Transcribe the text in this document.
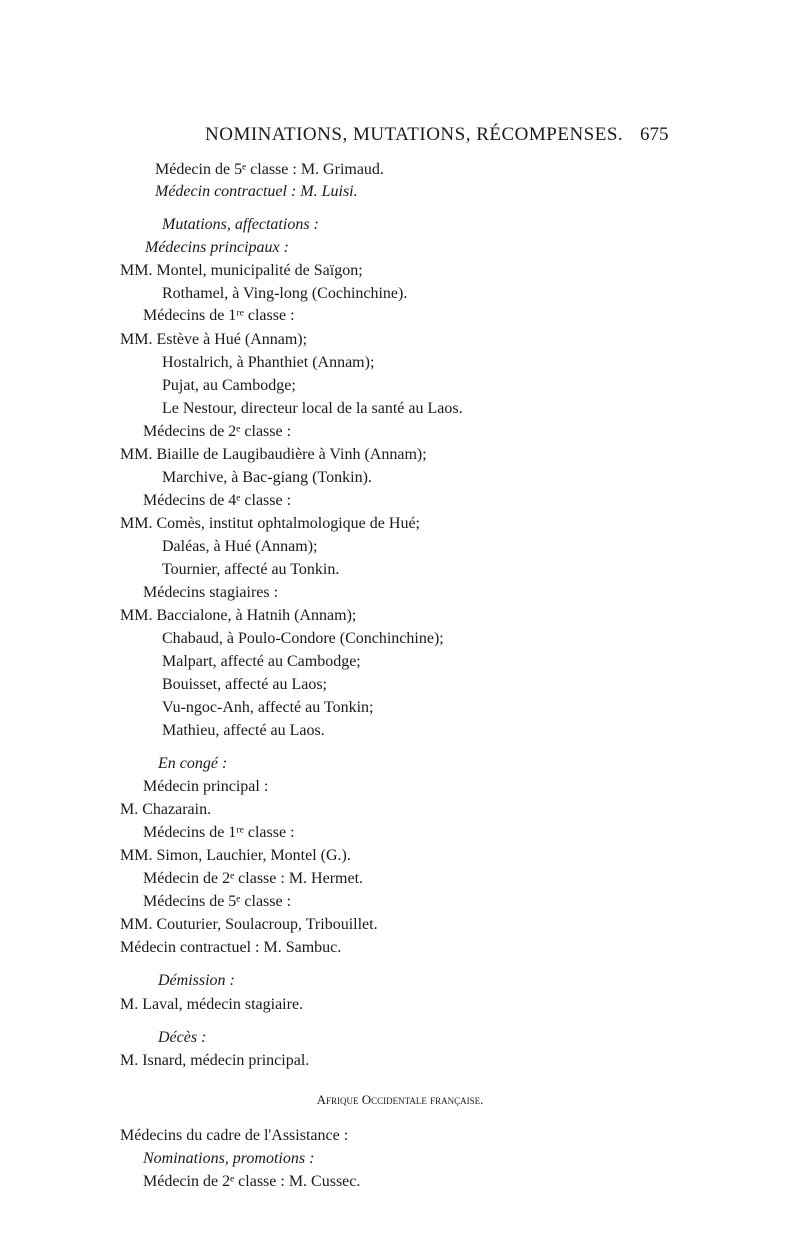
NOMINATIONS, MUTATIONS, RÉCOMPENSES. 675
Médecin de 5ᵉ classe : M. Grimaud.
Médecin contractuel : M. Luisi.
Mutations, affectations :
Médecins principaux :
MM. Montel, municipalité de Saïgon;
Rothamel, à Ving-long (Cochinchine).
Médecins de 1ʳᵉ classe :
MM. Estève à Hué (Annam);
Hostalrich, à Phanthiet (Annam);
Pujat, au Cambodge;
Le Nestour, directeur local de la santé au Laos.
Médecins de 2ᵉ classe :
MM. Biaille de Laugibaudière à Vinh (Annam);
Marchive, à Bac-giang (Tonkin).
Médecins de 4ᵉ classe :
MM. Comès, institut ophtalmologique de Hué;
Daléas, à Hué (Annam);
Tournier, affecté au Tonkin.
Médecins stagiaires :
MM. Baccialone, à Hatnih (Annam);
Chabaud, à Poulo-Condore (Conchinchine);
Malpart, affecté au Cambodge;
Bouisset, affecté au Laos;
Vu-ngoc-Anh, affecté au Tonkin;
Mathieu, affecté au Laos.
En congé :
Médecin principal :
M. Chazarain.
Médecins de 1ʳᵉ classe :
MM. Simon, Lauchier, Montel (G.).
Médecin de 2ᵉ classe : M. Hermet.
Médecins de 5ᵉ classe :
MM. Couturier, Soulacroup, Tribouillet.
Médecin contractuel : M. Sambuc.
Démission :
M. Laval, médecin stagiaire.
Décès :
M. Isnard, médecin principal.
Médecins du cadre de l'Assistance :
Nominations, promotions :
Médecin de 2ᵉ classe : M. Cussec.
Afrique Occidentale française.
